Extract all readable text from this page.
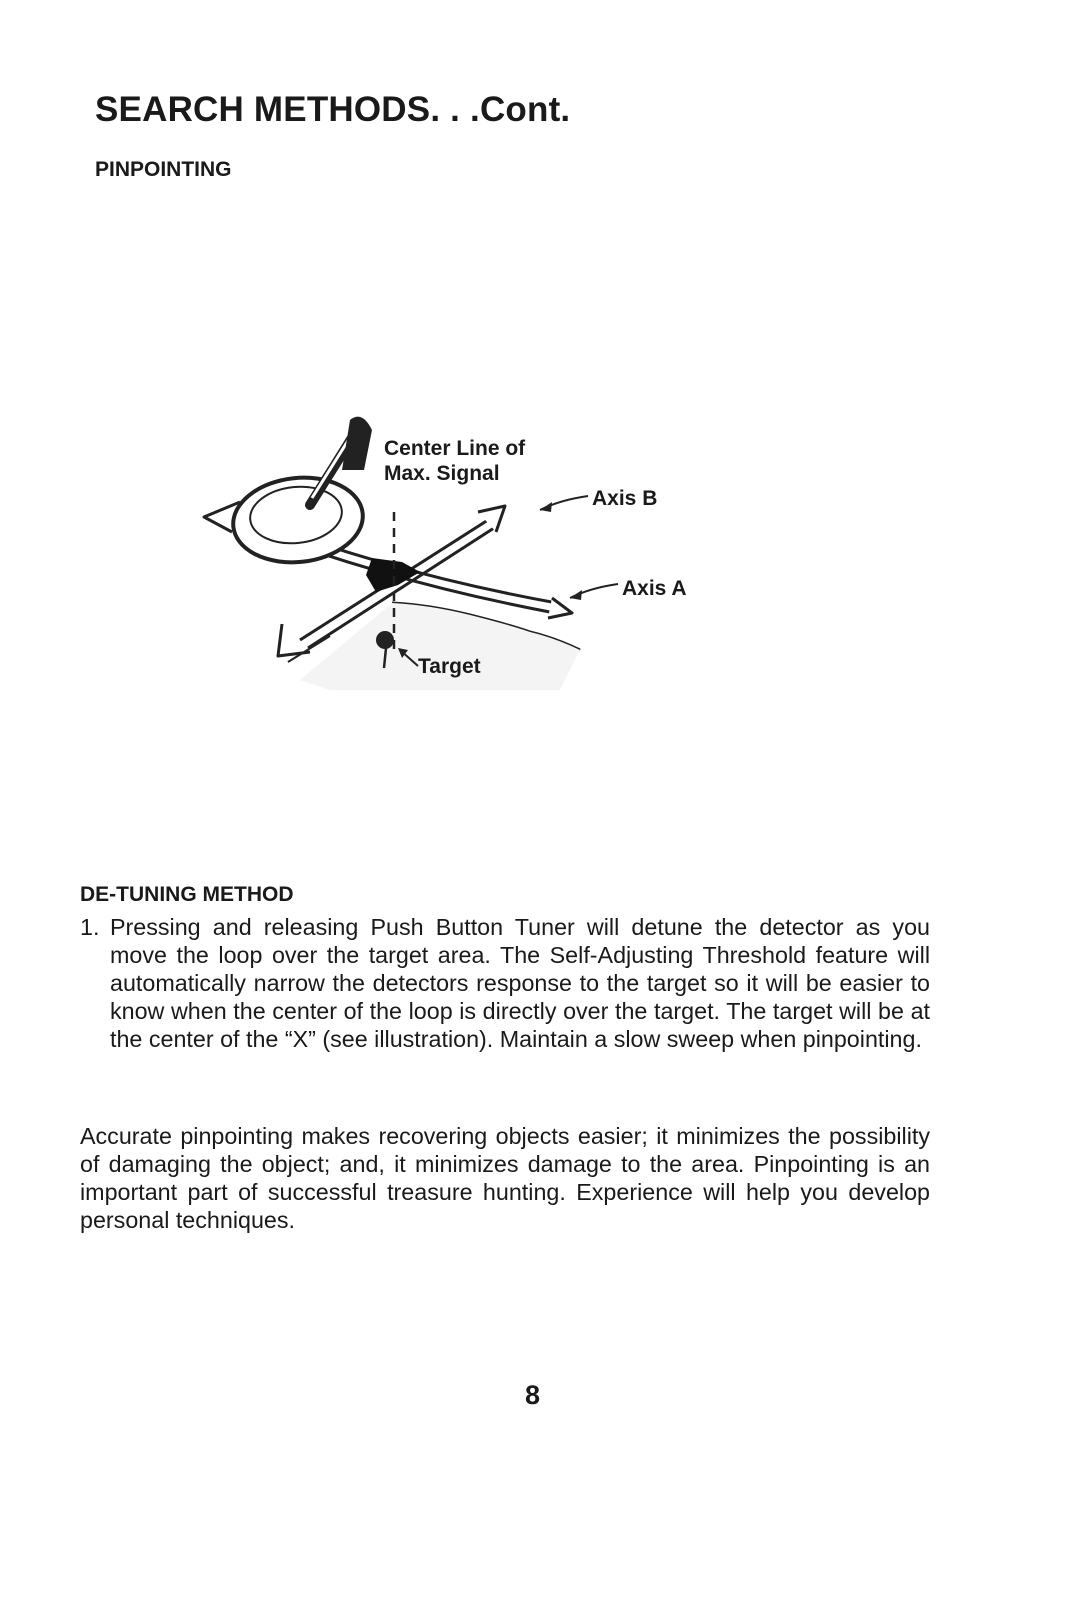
SEARCH METHODS. . .Cont.
PINPOINTING
Center Line of
Max. Signal
Axis B
Axis A
Target
DE-TUNING METHOD
1. Pressing and releasing Push Button Tuner will detune the detector as you move the loop over the target area. The Self-Adjusting Threshold feature will automatically narrow the detectors response to the target so it will be easier to know when the center of the loop is directly over the target. The target will be at the center of the “X” (see illustration). Maintain a slow sweep when pinpointing.

Accurate pinpointing makes recovering objects easier; it minimizes the possibility of damaging the object; and, it minimizes damage to the area. Pinpointing is an important part of successful treasure hunting. Experience will help you develop personal techniques.

8
